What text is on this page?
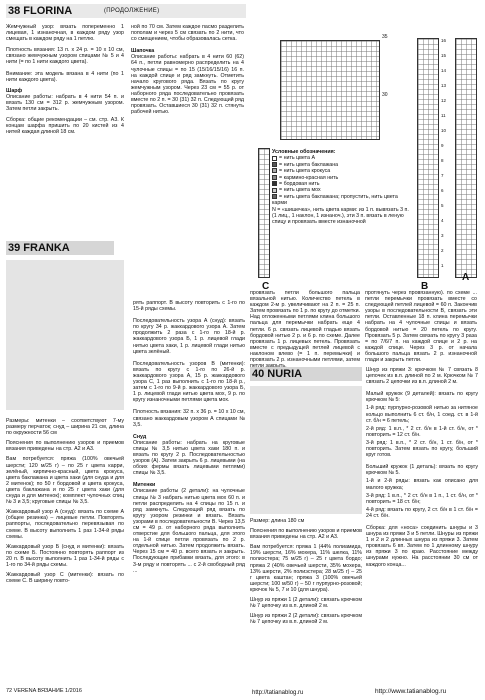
38 FLORINA	(ПРОДОЛЖЕНИЕ)

Жемчужный узор: вязать попеременно 1 лицевая, 1 изнаночная, в каждом ряду узор смещать в каждом ряду на 1 петлю.

Плотность вязания: 13 п. x 24 р. = 10 x 10 см, связано жемчужным узором спицами № 5 и 4 нити (= по 1 нити каждого цвета).

Внимание: эта модель вязана в 4 нити (по 1 нити каждого цвета).

Шарф

Описание работы: набрать в 4 нити 54 п. и вязать 130 см = 312 р. жемчужным узором. Затем петли закрыть.

Сборка: общие рекомендации – см. стр. А3. К концам шарфа пришить по 20 кистей из 4 нитей каждая длиной 18 см.

ной по 70 см. Затем каждое пасмо разделить пополам и через 5 см связать по 2 нити, что со смещением, чтобы образовалась сетка.

Шапочка

Описание работы: набрать в 4 нити 60 (62) 64 п., петли равномерно распределить на 4 чулочные спицы = по 15 (15/16/15/16) 16 п. на каждой спице и ряд замкнуть. Отметить начало кругового ряда. Вязать по кругу жемчужным узором. Через 23 см = 55 р. от наборного ряда последовательно провязать вместе по 2 п. = 30 (31) 32 п. Следующий ряд провязать. Оставшиеся 30 (31) 32 п. стянуть рабочей нитью.

35
30

Условные обозначения:

= нить цвета A

= нить цвета баклажана

= нить цвета крокуса

= кармино-красная нить

= бордовая нить

= нить цвета мох

= нить цвета баклажана; пропустить, нить цвета карми

N = «шишечка», нить цвета карми: из 1 п. вывязать 3 п. (1 лиц., 1 наклон, 1 изнаноч.), эти 3 п. вязать в леную спицу и провязать вместе изнаночной

C	B
A
39 FRANKA

Размеры: митенки – соответствуют 7-му размеру перчаток; снуд – ширина 21 см, длина по окружности 56 см

Пояснения по выполнению узоров и приемов вязания приведены на стр. А2 и А3.

Вам потребуется: пряжа (100% овечьей шерсти; 120 м/25 г) – по 25 г цвета карри, зелёный, кирпично-красный, цвета крокуса, цвета баклажана и цвета хаки (для снуда и для 2 митенок); по 50 г бордовой и цвета крокуса, цвета баклажана и по 25 г цвета хаки (для снуда и для митенок); комплект чулочных спиц № 3 и 3,5; круговые спицы № 3,5.

Жаккардовый узор А (снуд): вязать по схеме А (общее резинка) – лицевые петли. Повторять раппорты, последовательно перевязывая по схеме. В высоту выполнить 1 раз 1-34-й ряды схемы.

Жаккардовый узор Б (снуд и митенки): вязать по схеме Б. Постоянно повторять раппорт из 20 п. В высоту выполнить 1 раз 1-34-й ряды с 1-го по 34-й ряды схемы.

Жаккардовый узор С (митенки): вязать по схеме С. В ширину повто-

рять раппорт. В высоту повторить с 1-го по 15-й ряды схемы.

Последовательность узора А (снуд): вязать по кругу 34 р. жаккардового узора А. Затем продолжить 2 раза с 1-го по 18-й р. жаккардового узора Б, 1 р. лицевой глади нитью цвета хаки, 1 р. лицевой глади нитью цвета зелёный.

Последовательность узоров В (митенки): вязать по кругу с 1-го по 26-й р. жаккардового узора А, 15 р. жаккардового узора С, 1 раз выполнить с 1-го по 18-й р., затем с 1-го по 9-й р. жаккардового узора Б, 1 р. лицевой глади нитью цвета мох, 9 р. по кругу изнаночными петлями цвета мох.

Плотность вязания: 32 п. x 36 р. = 10 x 10 см, связано жаккардовым узором А спицами № 3,5.

Снуд

Описание работы: набрать на круговые спицы № 3,5 нитью цвета хаки 180 п. и вязать по кругу 2 р. Последовательностью узоров (А). Затем закрыть 6 р. лицевыми (на обоих фермы вязать лицевыми петлями) спицы № 3,5.

Митенки

Описание работы (2 детали): на чулочные спицы № 3 набрать нитью цвета мох 60 п. и петли распределить на 4 спицы по 15 п. и ряд замкнуть. Следующий ряд вязать по кругу узором резинки и вязать. Вязать узорами в последовательности В. Через 13,5 см = 49 р. от наборного ряда выполнить отверстие для большого пальца, для этого на 1-й спице петли провязать по 2 р. отдельной нитью. Затем продолжить вязать. Через 15 см = 40 р. всего вязать и закрыть. Последующие прибавки вязать, для этого: в 3-м ряду и повторять ... с 2-й свободный ряд ...

провязать петли большого пальца вязальной нитью. Количество петель в каждом 2-м р. увеличивают на 2 п. = 25 п. Затем провязать по 1 р. по кругу до отметки. Над отложенными петлями клина большого пальца для перемычки набрать еще 4 петли. 6 р. связать лицевой гладью вязать бордовой нитью 2 р. и 6 р. по схеме. Далее провязать 1 р. лицевых петель. Провязать вместе с предыдущей петлей лицевой с наклоном влево (= 1 п. перемычки) и провязать 2 р. изнаночными петлями, затем

протянуть через провязанную). по схеме ... петли перемычки провязать вместе со следующей петлей лицевой = 60 п. Закончив узоры в последовательности В, связать эти петли. Оставленные 18 п. клина перемычки набрать на 4 чулочные спицы и вязать бордовой нитью = 20 петель по кругу. Провязать 5 р. Затем связать по кругу 3 раза = по 7/6/7 п. на каждой спице и 2 р. на каждой спице. Через 3 р. от начала большого пальца вязать 2 р. изнаночной глади и закрыть петли.

40 NURIA

Размер: длина 180 см

Пояснения по выполнению узоров и приемов вязания приведены на стр. А2 и А3.

Вам потребуется: пряжа 1 (44% полиамида, 19% шерсти, 16% мохера, 11% шелка, 11% полиэстера; 75 м/25 г) – 25 г цвета бордо; пряжа 2 (40% овечьей шерсти, 35% мохера, 13% шерсти, 2% полиэстера; 28 м/25 г) – 25 г цвета каштан; пряжа 3 (100% овечьей шерсти; 100 м/50 г) – 50 г пурпурно-розовой; крючок № 5, 7 и 10 (для шнура).

Шнур из пряжи 1 (2 детали): связать крючком № 7 цепочку из в.п. длиной 2 м.

Шнур из пряжи 2 (2 детали): связать крючком № 7 цепочку из в.п. длиной 2 м.

Шнур из пряжи 3: крючком № 7 связать 8 цепочек из в.п. длиной по 2 м. Крючком № 7 связать 2 цепочки из в.п. длиной 2 м.

Малый кружок (9 деталей): вязать по кругу крючком № 5:

1-й ряд: пурпурно-розовой нитью за нитяное кольцо выполнить 6 ст. б/н, 1 соед. ст. в 1-й ст. б/н = 6 петель;

2-й ряд: 1 в.п., * 2 ст. б/н в 1-й ст. б/н, от * повторить = 12 ст. б/н.

3-й ряд: 1 в.п., * 2 ст. б/н, 1 ст. б/н, от * повторить. Затем вязать по кругу, больший круг готов.

Больший кружок (1 деталь): вязать по кругу крючком № 5.

1-й и 2-й ряды: вязать как описано для малого кружка;

3-й ряд: 1 в.п., * 2 ст. б/н в 1 п., 1 ст. б/н, от * повторить = 18 ст. б/н;

4-й ряд: вязать по кругу, 2 ст. б/н в 1 ст. б/н = 24 ст. б/н.

Сборка: для «носа» соединить шнуры и 3 шнура из пряжи 3 и 5 петли. Шнуры из пряжи 1 и 2 и 2 длинных шнура из пряжи 3. Затем провязать 6 вп. Затем по 1 длинному шнуру из пряжи 3 по краю. Расстояние между шнурами нужно. На расстоянии 30 см от каждого конца...

http://tatianablog.ru
72 VERENA ВЯЗАНИЕ 1/2016	http://www.tatianablog.ru
16
15
14
13
12
11
10
9
8
7
6
5
4
3
2
1
